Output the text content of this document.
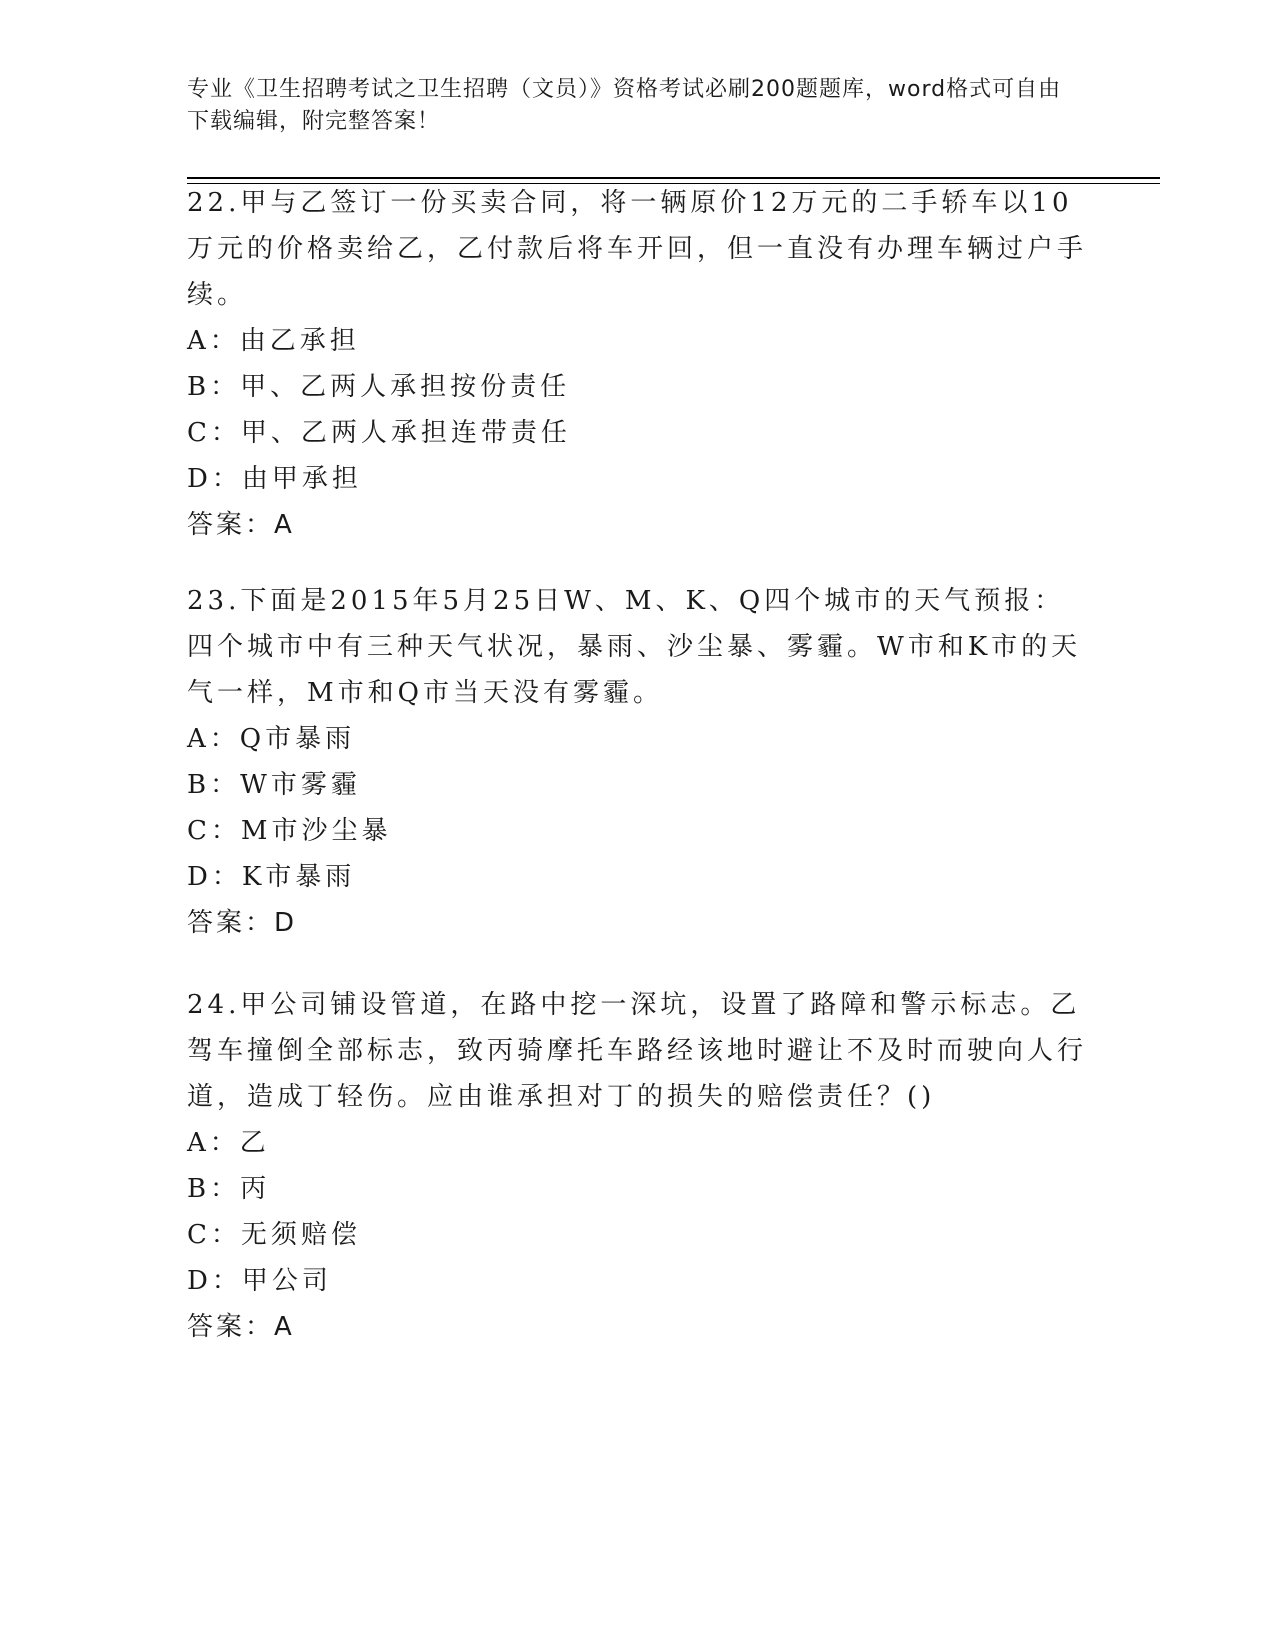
专业《卫生招聘考试之卫生招聘（文员）》资格考试必刷200题题库，word格式可自由下载编辑，附完整答案！

22.甲与乙签订一份买卖合同，将一辆原价12万元的二手轿车以10万元的价格卖给乙，乙付款后将车开回，但一直没有办理车辆过户手续。

A：由乙承担

B：甲、乙两人承担按份责任

C：甲、乙两人承担连带责任

D：由甲承担

答案：A

23.下面是2015年5月25日W、M、K、Q四个城市的天气预报：四个城市中有三种天气状况，暴雨、沙尘暴、雾霾。W市和K市的天气一样，M市和Q市当天没有雾霾。

A：Q市暴雨

B：W市雾霾

C：M市沙尘暴

D：K市暴雨

答案：D

24.甲公司铺设管道，在路中挖一深坑，设置了路障和警示标志。乙驾车撞倒全部标志，致丙骑摩托车路经该地时避让不及时而驶向人行道，造成丁轻伤。应由谁承担对丁的损失的赔偿责任？()

A：乙

B：丙

C：无须赔偿

D：甲公司

答案：A
